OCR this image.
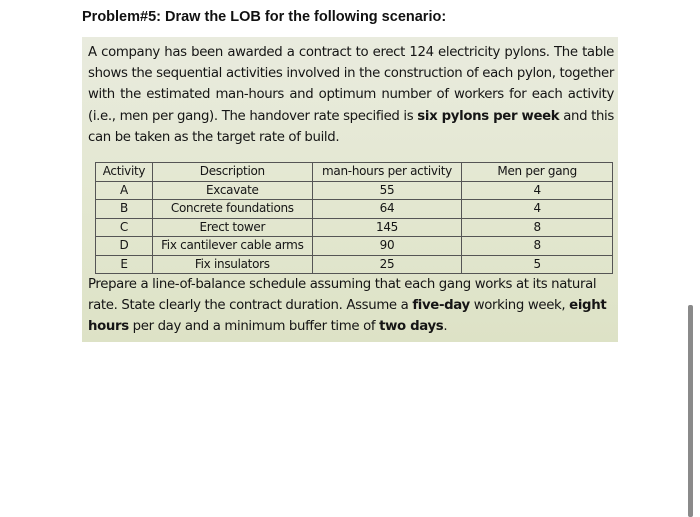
Problem#5: Draw the LOB for the following scenario:
A company has been awarded a contract to erect 124 electricity pylons. The table shows the sequential activities involved in the construction of each pylon, together with the estimated man-hours and optimum number of workers for each activity (i.e., men per gang). The handover rate specified is six pylons per week and this can be taken as the target rate of build.
Activity	Description	man-hours per activity	Men per gang
A	Excavate	55	4
B	Concrete foundations	64	4
C	Erect tower	145	8
D	Fix cantilever cable arms	90	8
E	Fix insulators	25	5
Prepare a line-of-balance schedule assuming that each gang works at its natural rate. State clearly the contract duration. Assume a five-day working week, eight hours per day and a minimum buffer time of two days.
